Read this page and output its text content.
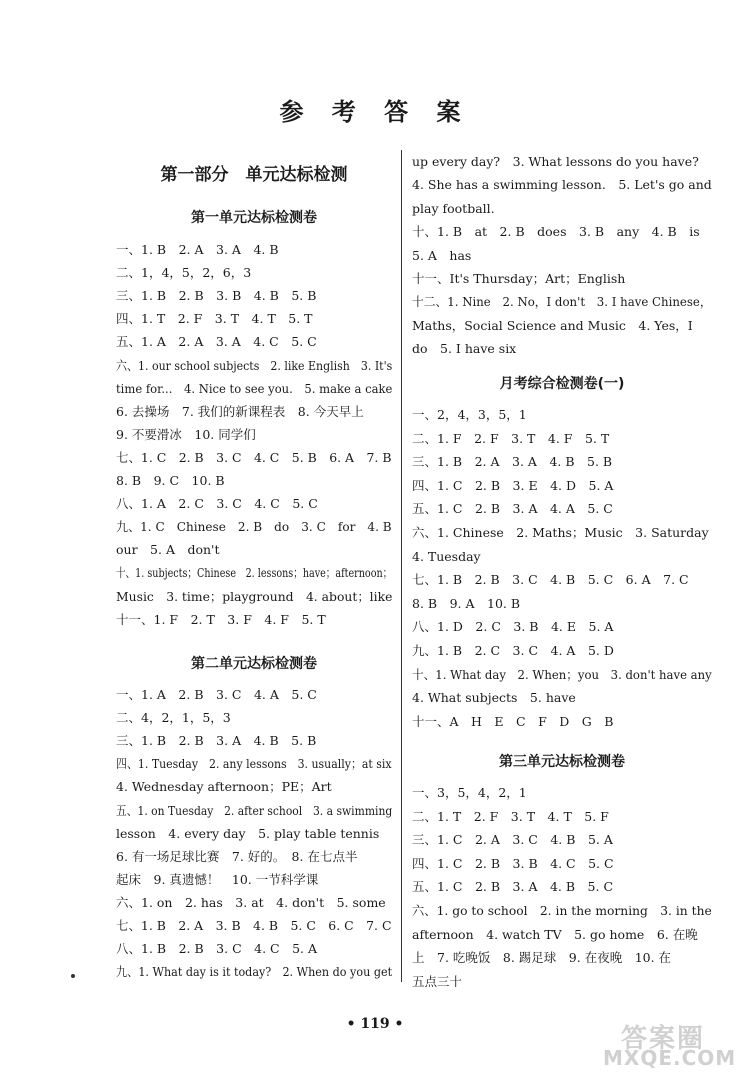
参 考 答 案
第一部分　单元达标检测
第一单元达标检测卷
一、1. B　2. A　3. A　4. B
二、1，4，5，2，6，3
三、1. B　2. B　3. B　4. B　5. B
四、1. T　2. F　3. T　4. T　5. T
五、1. A　2. A　3. A　4. C　5. C
六、1. our school subjects　2. like English　3. It's
time for...　4. Nice to see you.　5. make a cake
6. 去操场　7. 我们的新课程表　8. 今天早上
9. 不要滑冰　10. 同学们
七、1. C　2. B　3. C　4. C　5. B　6. A　7. B
8. B　9. C　10. B
八、1. A　2. C　3. C　4. C　5. C
九、1. C　Chinese　2. B　do　3. C　for　4. B
our　5. A　don't
十、1. subjects；Chinese　2. lessons；have；afternoon；
Music　3. time；playground　4. about；like
十一、1. F　2. T　3. F　4. F　5. T
第二单元达标检测卷
一、1. A　2. B　3. C　4. A　5. C
二、4，2，1，5，3
三、1. B　2. B　3. A　4. B　5. B
四、1. Tuesday　2. any lessons　3. usually；at six
4. Wednesday afternoon；PE；Art
五、1. on Tuesday　2. after school　3. a swimming
lesson　4. every day　5. play table tennis
6. 有一场足球比赛　7. 好的。　8. 在七点半
起床　9. 真遗憾！　10. 一节科学课
六、1. on　2. has　3. at　4. don't　5. some
七、1. B　2. A　3. B　4. B　5. C　6. C　7. C
八、1. B　2. B　3. C　4. C　5. A
九、1. What day is it today?　2. When do you get
up every day?　3. What lessons do you have?
4. She has a swimming lesson.　5. Let's go and
play football.
十、1. B　at　2. B　does　3. B　any　4. B　is
5. A　has
十一、It's Thursday；Art；English
十二、1. Nine　2. No，I don't　3. I have Chinese，
Maths，Social Science and Music　4. Yes，I
do　5. I have six
月考综合检测卷(一)
一、2，4，3，5，1
二、1. F　2. F　3. T　4. F　5. T
三、1. B　2. A　3. A　4. B　5. B
四、1. C　2. B　3. E　4. D　5. A
五、1. C　2. B　3. A　4. A　5. C
六、1. Chinese　2. Maths；Music　3. Saturday
4. Tuesday
七、1. B　2. B　3. C　4. B　5. C　6. A　7. C
8. B　9. A　10. B
八、1. D　2. C　3. B　4. E　5. A
九、1. B　2. C　3. C　4. A　5. D
十、1. What day　2. When；you　3. don't have any
4. What subjects　5. have
十一、A　H　E　C　F　D　G　B
第三单元达标检测卷
一、3，5，4，2，1
二、1. T　2. F　3. T　4. T　5. F
三、1. C　2. A　3. C　4. B　5. A
四、1. C　2. B　3. B　4. C　5. C
五、1. C　2. B　3. A　4. B　5. C
六、1. go to school　2. in the morning　3. in the
afternoon　4. watch TV　5. go home　6. 在晚
上　7. 吃晚饭　8. 踢足球　9. 在夜晚　10. 在
五点三十
• 119 •	答案圈
MXQE.COM
